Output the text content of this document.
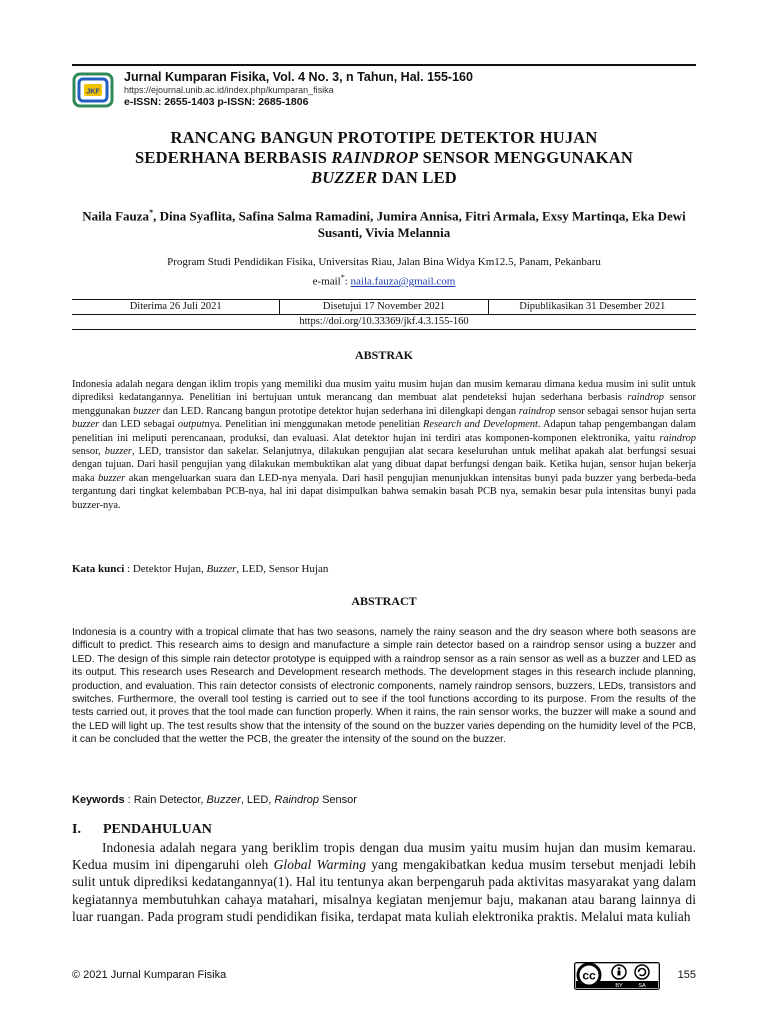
JKF
Jurnal Kumparan Fisika, Vol. 4 No. 3, n Tahun, Hal. 155-160
https://ejournal.unib.ac.id/index.php/kumparan_fisika
e-ISSN: 2655-1403 p-ISSN: 2685-1806
RANCANG BANGUN PROTOTIPE DETEKTOR HUJAN
SEDERHANA BERBASIS RAINDROP SENSOR MENGGUNAKAN
BUZZER DAN LED
Naila Fauza*, Dina Syaflita, Safina Salma Ramadini, Jumira Annisa, Fitri Armala, Exsy Martinqa, Eka Dewi Susanti, Vivia Melannia
Program Studi Pendidikan Fisika, Universitas Riau, Jalan Bina Widya Km12.5, Panam, Pekanbaru
e-mail*: naila.fauza@gmail.com
Diterima 26 Juli 2021	Disetujui 17 November 2021	Dipublikasikan 31 Desember 2021
https://doi.org/10.33369/jkf.4.3.155-160
ABSTRAK
Indonesia adalah negara dengan iklim tropis yang memiliki dua musim yaitu musim hujan dan musim kemarau dimana kedua musim ini sulit untuk diprediksi kedatangannya. Penelitian ini bertujuan untuk merancang dan membuat alat pendeteksi hujan sederhana berbasis raindrop sensor menggunakan buzzer dan LED. Rancang bangun prototipe detektor hujan sederhana ini dilengkapi dengan raindrop sensor sebagai sensor hujan serta buzzer dan LED sebagai outputnya. Penelitian ini menggunakan metode penelitian Research and Development. Adapun tahap pengembangan dalam penelitian ini meliputi perencanaan, produksi, dan evaluasi. Alat detektor hujan ini terdiri atas komponen-komponen elektronika, yaitu raindrop sensor, buzzer, LED, transistor dan sakelar. Selanjutnya, dilakukan pengujian alat secara keseluruhan untuk melihat apakah alat berfungsi sesuai dengan tujuan. Dari hasil pengujian yang dilakukan membuktikan alat yang dibuat dapat berfungsi dengan baik. Ketika hujan, sensor hujan bekerja maka buzzer akan mengeluarkan suara dan LED-nya menyala. Dari hasil pengujian menunjukkan intensitas bunyi pada buzzer yang berbeda-beda tergantung dari tingkat kelembaban PCB-nya, hal ini dapat disimpulkan bahwa semakin basah PCB nya, semakin besar pula intensitas bunyi pada buzzer-nya.
Kata kunci : Detektor Hujan, Buzzer, LED, Sensor Hujan
ABSTRACT
Indonesia is a country with a tropical climate that has two seasons, namely the rainy season and the dry season where both seasons are difficult to predict. This research aims to design and manufacture a simple rain detector based on a raindrop sensor using a buzzer and LED. The design of this simple rain detector prototype is equipped with a raindrop sensor as a rain sensor as well as a buzzer and LED as its output. This research uses Research and Development research methods. The development stages in this research include planning, production, and evaluation. This rain detector consists of electronic components, namely raindrop sensors, buzzers, LEDs, transistors and switches. Furthermore, the overall tool testing is carried out to see if the tool functions according to its purpose. From the results of the tests carried out, it proves that the tool made can function properly. When it rains, the rain sensor works, the buzzer will make a sound and the LED will light up. The test results show that the intensity of the sound on the buzzer varies depending on the humidity level of the PCB, it can be concluded that the wetter the PCB, the greater the intensity of the sound on the buzzer.
Keywords : Rain Detector, Buzzer, LED, Raindrop Sensor
I. PENDAHULUAN
Indonesia adalah negara yang beriklim tropis dengan dua musim yaitu musim hujan dan musim kemarau. Kedua musim ini dipengaruhi oleh Global Warming yang mengakibatkan kedua musim tersebut menjadi lebih sulit untuk diprediksi kedatangannya(1). Hal itu tentunya akan berpengaruh pada aktivitas masyarakat yang dalam kegiatannya membutuhkan cahaya matahari, misalnya kegiatan menjemur baju, makanan atau barang lainnya di luar ruangan. Pada program studi pendidikan fisika, terdapat mata kuliah elektronika praktis. Melalui mata kuliah
© 2021 Jurnal Kumparan Fisika	cc
BY	SA
155
